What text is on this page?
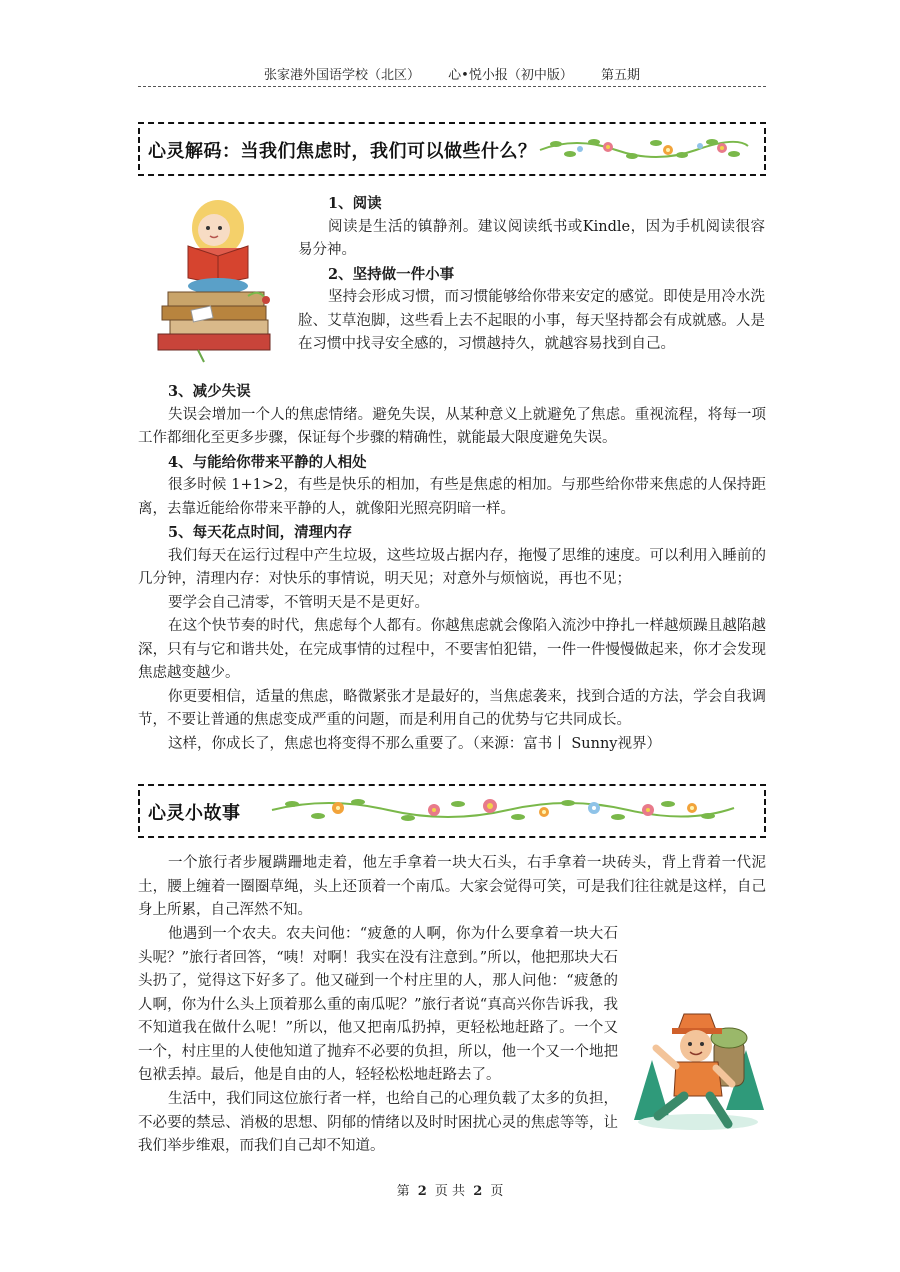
张家港外国语学校（北区） 心•悦小报（初中版） 第五期
心灵解码：当我们焦虑时，我们可以做些什么？

1、阅读

阅读是生活的镇静剂。建议阅读纸书或Kindle，因为手机阅读很容易分神。

2、坚持做一件小事

坚持会形成习惯，而习惯能够给你带来安定的感觉。即使是用冷水洗脸、艾草泡脚，这些看上去不起眼的小事，每天坚持都会有成就感。人是在习惯中找寻安全感的，习惯越持久，就越容易找到自己。

3、减少失误

失误会增加一个人的焦虑情绪。避免失误，从某种意义上就避免了焦虑。重视流程，将每一项工作都细化至更多步骤，保证每个步骤的精确性，就能最大限度避免失误。

4、与能给你带来平静的人相处

很多时候 1+1>2，有些是快乐的相加，有些是焦虑的相加。与那些给你带来焦虑的人保持距离，去靠近能给你带来平静的人，就像阳光照亮阴暗一样。

5、每天花点时间，清理内存

我们每天在运行过程中产生垃圾，这些垃圾占据内存，拖慢了思维的速度。可以利用入睡前的几分钟，清理内存：对快乐的事情说，明天见；对意外与烦恼说，再也不见；

要学会自己清零，不管明天是不是更好。

在这个快节奏的时代，焦虑每个人都有。你越焦虑就会像陷入流沙中挣扎一样越烦躁且越陷越深，只有与它和谐共处，在完成事情的过程中，不要害怕犯错，一件一件慢慢做起来，你才会发现焦虑越变越少。

你更要相信，适量的焦虑，略微紧张才是最好的，当焦虑袭来，找到合适的方法，学会自我调节，不要让普通的焦虑变成严重的问题，而是利用自己的优势与它共同成长。

这样，你成长了，焦虑也将变得不那么重要了。（来源：富书丨 Sunny视界）

心灵小故事

一个旅行者步履蹒跚地走着，他左手拿着一块大石头，右手拿着一块砖头，背上背着一代泥土，腰上缠着一圈圈草绳，头上还顶着一个南瓜。大家会觉得可笑，可是我们往往就是这样，自己身上所累，自己浑然不知。

他遇到一个农夫。农夫问他：“疲惫的人啊，你为什么要拿着一块大石头呢？”旅行者回答，“咦！对啊！我实在没有注意到。”所以，他把那块大石头扔了，觉得这下好多了。他又碰到一个村庄里的人，那人问他：“疲惫的人啊，你为什么头上顶着那么重的南瓜呢？”旅行者说“真高兴你告诉我，我不知道我在做什么呢！”所以，他又把南瓜扔掉，更轻松地赶路了。一个又一个，村庄里的人使他知道了抛弃不必要的负担，所以，他一个又一个地把包袱丢掉。最后，他是自由的人，轻轻松松地赶路去了。

生活中，我们同这位旅行者一样，也给自己的心理负载了太多的负担，不必要的禁忌、消极的思想、阴郁的情绪以及时时困扰心灵的焦虑等等，让我们举步维艰，而我们自己却不知道。

第 2 页 共 2 页
